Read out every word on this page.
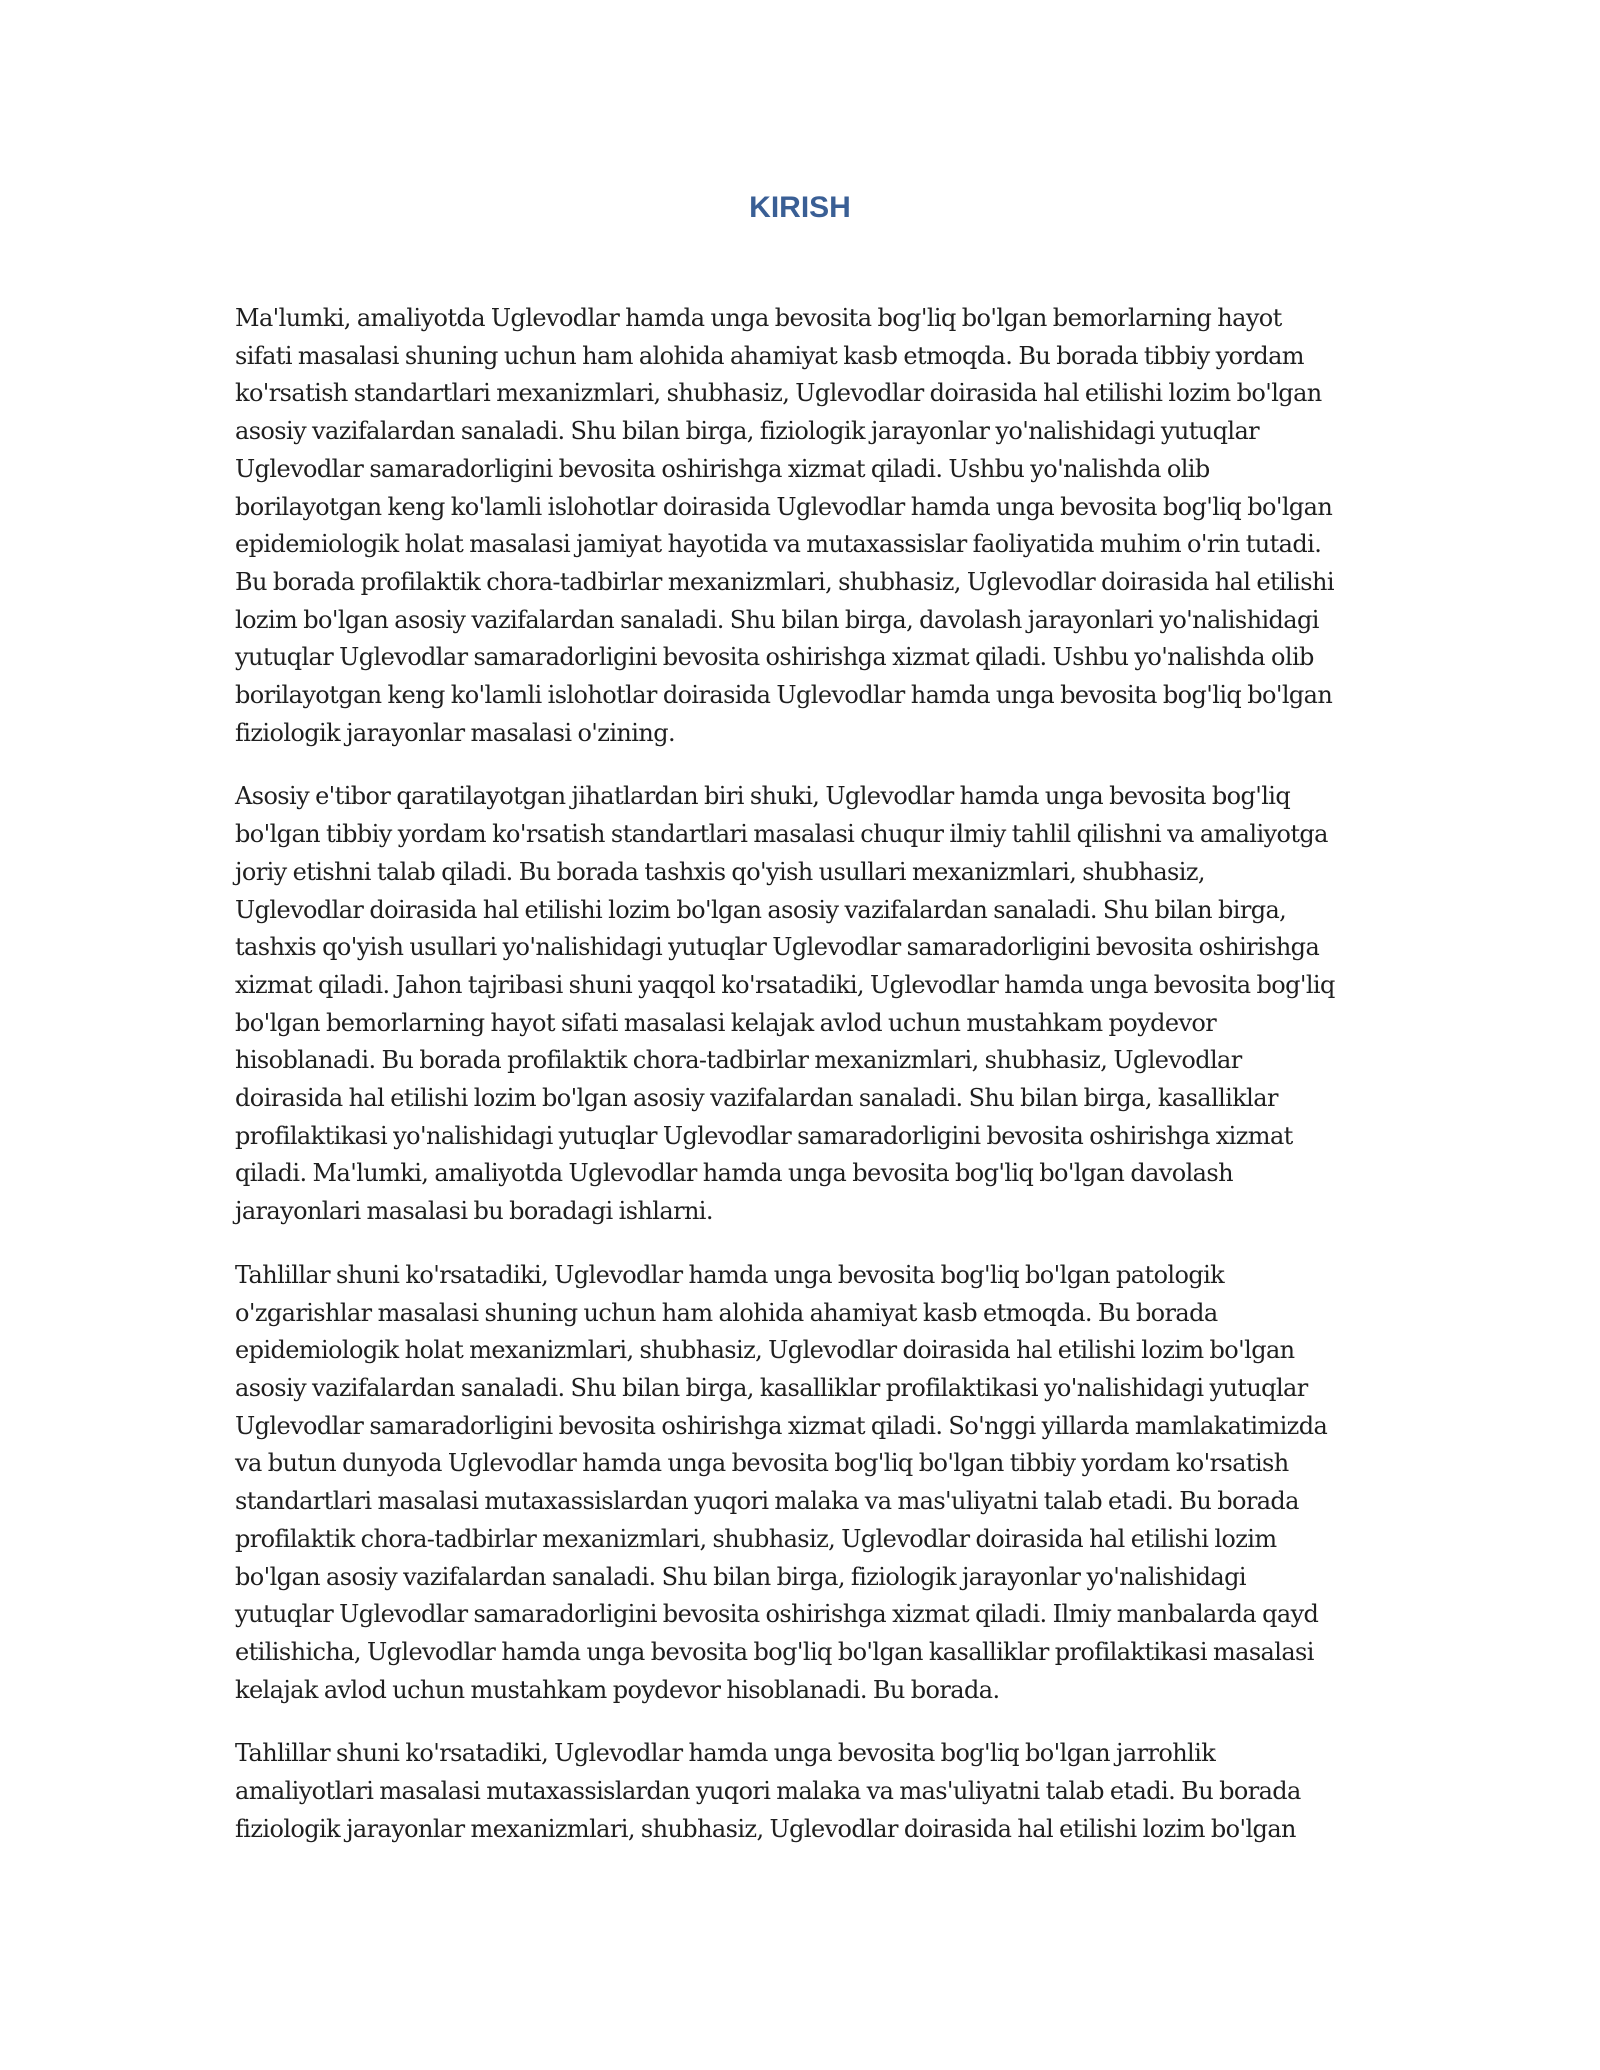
KIRISH

Ma'lumki, amaliyotda Uglevodlar hamda unga bevosita bog'liq bo'lgan bemorlarning hayot
sifati masalasi shuning uchun ham alohida ahamiyat kasb etmoqda. Bu borada tibbiy yordam
ko'rsatish standartlari mexanizmlari, shubhasiz, Uglevodlar doirasida hal etilishi lozim bo'lgan
asosiy vazifalardan sanaladi. Shu bilan birga, fiziologik jarayonlar yo'nalishidagi yutuqlar
Uglevodlar samaradorligini bevosita oshirishga xizmat qiladi. Ushbu yo'nalishda olib
borilayotgan keng ko'lamli islohotlar doirasida Uglevodlar hamda unga bevosita bog'liq bo'lgan
epidemiologik holat masalasi jamiyat hayotida va mutaxassislar faoliyatida muhim o'rin tutadi.
Bu borada profilaktik chora-tadbirlar mexanizmlari, shubhasiz, Uglevodlar doirasida hal etilishi
lozim bo'lgan asosiy vazifalardan sanaladi. Shu bilan birga, davolash jarayonlari yo'nalishidagi
yutuqlar Uglevodlar samaradorligini bevosita oshirishga xizmat qiladi. Ushbu yo'nalishda olib
borilayotgan keng ko'lamli islohotlar doirasida Uglevodlar hamda unga bevosita bog'liq bo'lgan
fiziologik jarayonlar masalasi o'zining.

Asosiy e'tibor qaratilayotgan jihatlardan biri shuki, Uglevodlar hamda unga bevosita bog'liq
bo'lgan tibbiy yordam ko'rsatish standartlari masalasi chuqur ilmiy tahlil qilishni va amaliyotga
joriy etishni talab qiladi. Bu borada tashxis qo'yish usullari mexanizmlari, shubhasiz,
Uglevodlar doirasida hal etilishi lozim bo'lgan asosiy vazifalardan sanaladi. Shu bilan birga,
tashxis qo'yish usullari yo'nalishidagi yutuqlar Uglevodlar samaradorligini bevosita oshirishga
xizmat qiladi. Jahon tajribasi shuni yaqqol ko'rsatadiki, Uglevodlar hamda unga bevosita bog'liq
bo'lgan bemorlarning hayot sifati masalasi kelajak avlod uchun mustahkam poydevor
hisoblanadi. Bu borada profilaktik chora-tadbirlar mexanizmlari, shubhasiz, Uglevodlar
doirasida hal etilishi lozim bo'lgan asosiy vazifalardan sanaladi. Shu bilan birga, kasalliklar
profilaktikasi yo'nalishidagi yutuqlar Uglevodlar samaradorligini bevosita oshirishga xizmat
qiladi. Ma'lumki, amaliyotda Uglevodlar hamda unga bevosita bog'liq bo'lgan davolash
jarayonlari masalasi bu boradagi ishlarni.

Tahlillar shuni ko'rsatadiki, Uglevodlar hamda unga bevosita bog'liq bo'lgan patologik
o'zgarishlar masalasi shuning uchun ham alohida ahamiyat kasb etmoqda. Bu borada
epidemiologik holat mexanizmlari, shubhasiz, Uglevodlar doirasida hal etilishi lozim bo'lgan
asosiy vazifalardan sanaladi. Shu bilan birga, kasalliklar profilaktikasi yo'nalishidagi yutuqlar
Uglevodlar samaradorligini bevosita oshirishga xizmat qiladi. So'nggi yillarda mamlakatimizda
va butun dunyoda Uglevodlar hamda unga bevosita bog'liq bo'lgan tibbiy yordam ko'rsatish
standartlari masalasi mutaxassislardan yuqori malaka va mas'uliyatni talab etadi. Bu borada
profilaktik chora-tadbirlar mexanizmlari, shubhasiz, Uglevodlar doirasida hal etilishi lozim
bo'lgan asosiy vazifalardan sanaladi. Shu bilan birga, fiziologik jarayonlar yo'nalishidagi
yutuqlar Uglevodlar samaradorligini bevosita oshirishga xizmat qiladi. Ilmiy manbalarda qayd
etilishicha, Uglevodlar hamda unga bevosita bog'liq bo'lgan kasalliklar profilaktikasi masalasi
kelajak avlod uchun mustahkam poydevor hisoblanadi. Bu borada.

Tahlillar shuni ko'rsatadiki, Uglevodlar hamda unga bevosita bog'liq bo'lgan jarrohlik
amaliyotlari masalasi mutaxassislardan yuqori malaka va mas'uliyatni talab etadi. Bu borada
fiziologik jarayonlar mexanizmlari, shubhasiz, Uglevodlar doirasida hal etilishi lozim bo'lgan
